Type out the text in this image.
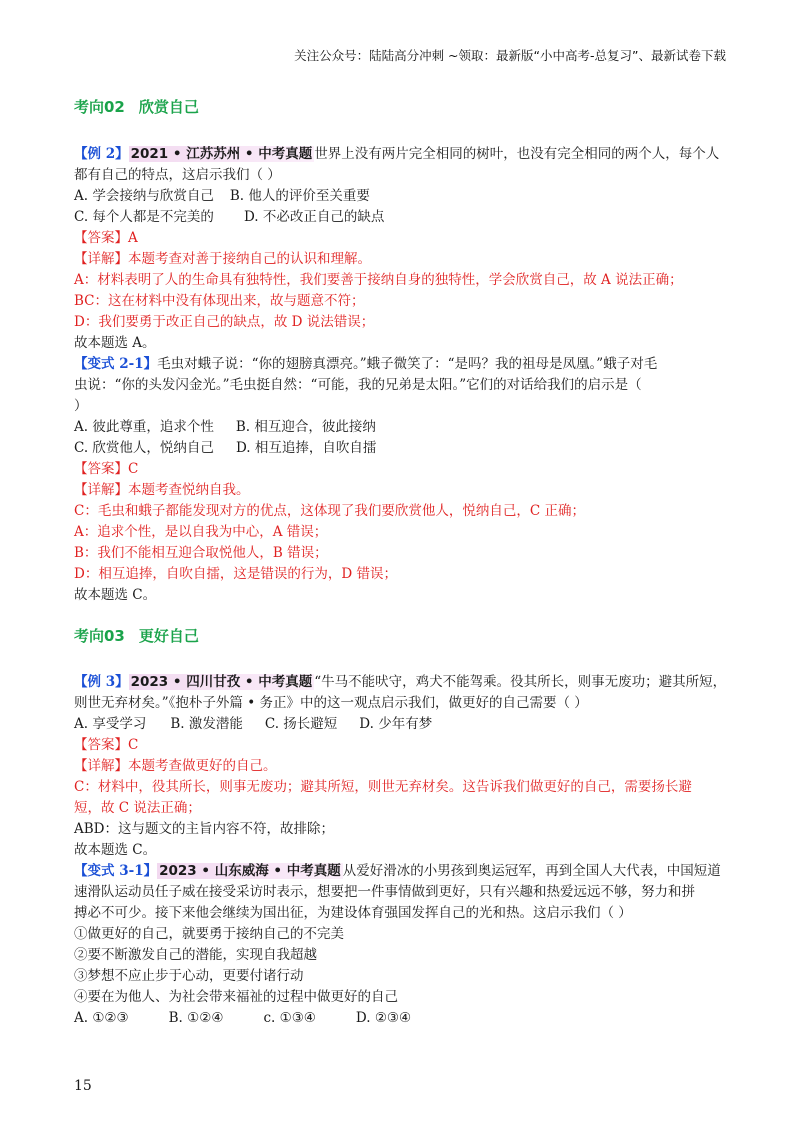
关注公众号：陆陆高分冲刺 ~领取：最新版“小中高考-总复习”、最新试卷下载
考向02 欣赏自己
【例 2】 2021 • 江苏苏州 • 中考真题 世界上没有两片完全相同的树叶，也没有完全相同的两个人，每个人
都有自己的特点，这启示我们（ ）
A. 学会接纳与欣赏自己 B. 他人的评价至关重要
C. 每个人都是不完美的 D. 不必改正自己的缺点
【答案】A
【详解】本题考查对善于接纳自己的认识和理解。
A：材料表明了人的生命具有独特性，我们要善于接纳自身的独特性，学会欣赏自己，故 A 说法正确；
BC：这在材料中没有体现出来，故与题意不符；
D：我们要勇于改正自己的缺点，故 D 说法错误；
故本题选 A。
【变式 2-1】毛虫对蛾子说：“你的翅膀真漂亮。”蛾子微笑了：“是吗？我的祖母是凤凰。”蛾子对毛
虫说：“你的头发闪金光。”毛虫挺自然：“可能，我的兄弟是太阳。”它们的对话给我们的启示是（
）
A. 彼此尊重，追求个性 B. 相互迎合，彼此接纳
C. 欣赏他人，悦纳自己 D. 相互追捧，自吹自擂
【答案】C
【详解】本题考查悦纳自我。
C：毛虫和蛾子都能发现对方的优点，这体现了我们要欣赏他人，悦纳自己，C 正确；
A：追求个性，是以自我为中心，A 错误；
B：我们不能相互迎合取悦他人，B 错误；
D：相互追捧，自吹自擂，这是错误的行为，D 错误；
故本题选 C。
考向03 更好自己
【例 3】 2023 • 四川甘孜 • 中考真题 “牛马不能吠守，鸡犬不能驾乘。役其所长，则事无废功；避其所短，
则世无弃材矣。”《抱朴子外篇 • 务正》中的这一观点启示我们，做更好的自己需要（ ）
A. 享受学习 B. 激发潜能 C. 扬长避短 D. 少年有梦
【答案】C
【详解】本题考查做更好的自己。
C：材料中，役其所长，则事无废功；避其所短，则世无弃材矣。这告诉我们做更好的自己，需要扬长避
短，故 C 说法正确；
ABD：这与题文的主旨内容不符，故排除；
故本题选 C。
【变式 3-1】 2023 • 山东威海 • 中考真题 从爱好滑冰的小男孩到奥运冠军，再到全国人大代表，中国短道
速滑队运动员任子威在接受采访时表示，想要把一件事情做到更好，只有兴趣和热爱远远不够，努力和拼
搏必不可少。接下来他会继续为国出征，为建设体育强国发挥自己的光和热。这启示我们（ ）
①做更好的自己，就要勇于接纳自己的不完美
②要不断激发自己的潜能，实现自我超越
③梦想不应止步于心动，更要付诸行动
④要在为他人、为社会带来福祉的过程中做更好的自己
A. ①②③	B. ①②④	c. ①③④	D. ②③④
15
